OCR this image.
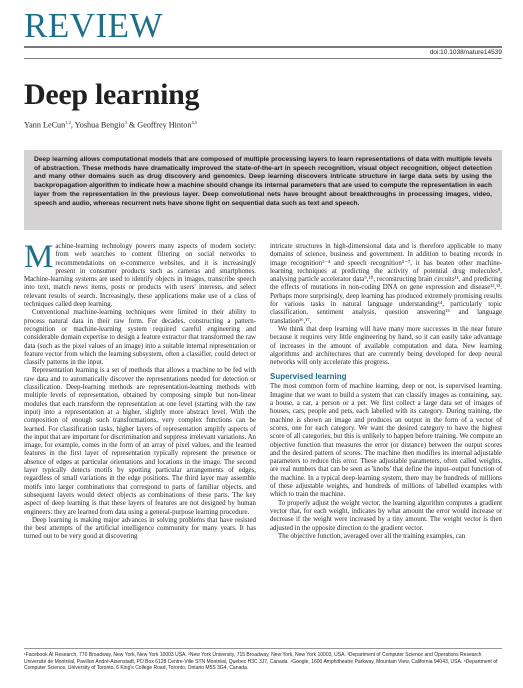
REVIEW
doi:10.1038/nature14539
Deep learning
Yann LeCun$^{1,2}$, Yoshua Bengio$^3$ & Geoffrey Hinton$^{4,5}$
Deep learning allows computational models that are composed of multiple processing layers to learn representations of data with multiple levels of abstraction. These methods have dramatically improved the state-of-the-art in speech recognition, visual object recognition, object detection and many other domains such as drug discovery and genomics. Deep learning discovers intricate structure in large data sets by using the backpropagation algorithm to indicate how a machine should change its internal parameters that are used to compute the representation in each layer from the representation in the previous layer. Deep convolutional nets have brought about breakthroughs in processing images, video, speech and audio, whereas recurrent nets have shone light on sequential data such as text and speech.

Machine-learning technology powers many aspects of modern society: from web searches to content filtering on social networks to recommendations on e-commerce websites, and it is increasingly present in consumer products such as cameras and smartphones. Machine-learning systems are used to identify objects in images, transcribe speech into text, match news items, posts or products with users' interests, and select relevant results of search. Increasingly, these applications make use of a class of techniques called deep learning.

Conventional machine-learning techniques were limited in their ability to process natural data in their raw form. For decades, constructing a pattern-recognition or machine-learning system required careful engineering and considerable domain expertise to design a feature extractor that transformed the raw data (such as the pixel values of an image) into a suitable internal representation or feature vector from which the learning subsystem, often a classifier, could detect or classify patterns in the input.

Representation learning is a set of methods that allows a machine to be fed with raw data and to automatically discover the representations needed for detection or classification. Deep-learning methods are representation-learning methods with multiple levels of representation, obtained by composing simple but non-linear modules that each transform the representation at one level (starting with the raw input) into a representation at a higher, slightly more abstract level. With the composition of enough such transformations, very complex functions can be learned. For classification tasks, higher layers of representation amplify aspects of the input that are important for discrimination and suppress irrelevant variations. An image, for example, comes in the form of an array of pixel values, and the learned features in the first layer of representation typically represent the presence or absence of edges at particular orientations and locations in the image. The second layer typically detects motifs by spotting particular arrangements of edges, regardless of small variations in the edge positions. The third layer may assemble motifs into larger combinations that correspond to parts of familiar objects, and subsequent layers would detect objects as combinations of these parts. The key aspect of deep learning is that these layers of features are not designed by human engineers: they are learned from data using a general-purpose learning procedure.

Deep learning is making major advances in solving problems that have resisted the best attempts of the artificial intelligence community for many years. It has turned out to be very good at discovering

intricate structures in high-dimensional data and is therefore applicable to many domains of science, business and government. In addition to beating records in image recognition¹⁻⁴ and speech recognition⁵⁻⁷, it has beaten other machine-learning techniques at predicting the activity of potential drug molecules⁸, analysing particle accelerator data⁹,¹⁰, reconstructing brain circuits¹¹, and predicting the effects of mutations in non-coding DNA on gene expression and disease¹²,¹³. Perhaps more surprisingly, deep learning has produced extremely promising results for various tasks in natural language understanding¹⁴, particularly topic classification, sentiment analysis, question answering¹⁵ and language translation¹⁶,¹⁷.

We think that deep learning will have many more successes in the near future because it requires very little engineering by hand, so it can easily take advantage of increases in the amount of available computation and data. New learning algorithms and architectures that are currently being developed for deep neural networks will only accelerate this progress.

Supervised learning

The most common form of machine learning, deep or not, is supervised learning. Imagine that we want to build a system that can classify images as containing, say, a house, a car, a person or a pet. We first collect a large data set of images of houses, cars, people and pets, each labelled with its category. During training, the machine is shown an image and produces an output in the form of a vector of scores, one for each category. We want the desired category to have the highest score of all categories, but this is unlikely to happen before training. We compute an objective function that measures the error (or distance) between the output scores and the desired pattern of scores. The machine then modifies its internal adjustable parameters to reduce this error. These adjustable parameters, often called weights, are real numbers that can be seen as 'knobs' that define the input–output function of the machine. In a typical deep-learning system, there may be hundreds of millions of these adjustable weights, and hundreds of millions of labelled examples with which to train the machine.

To properly adjust the weight vector, the learning algorithm computes a gradient vector that, for each weight, indicates by what amount the error would increase or decrease if the weight were increased by a tiny amount. The weight vector is then adjusted in the opposite direction to the gradient vector.

The objective function, averaged over all the training examples, can

¹Facebook AI Research, 770 Broadway, New York, New York 10003 USA. ²New York University, 715 Broadway, New York, New York 10003, USA. ³Department of Computer Science and Operations Research Université de Montréal, Pavillon André-Aisenstadt, PO Box 6128 Centre-Ville STN Montréal, Quebec H3C 3J7, Canada. ⁴Google, 1600 Amphitheatre Parkway, Mountain View, California 94043, USA. ⁵Department of Computer Science, University of Toronto, 6 King's College Road, Toronto, Ontario M5S 3G4, Canada.
